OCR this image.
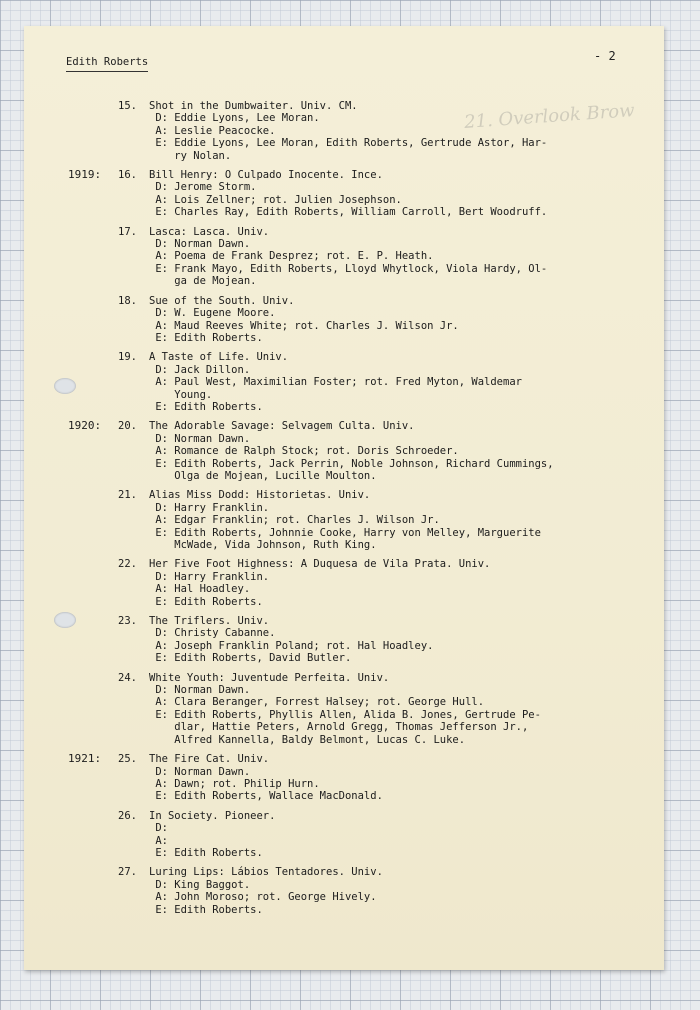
Edith Roberts	- 2
21. Overlook Brow
15. Shot in the Dumbwaiter. Univ. CM.
D: Eddie Lyons, Lee Moran.
A: Leslie Peacocke.
E: Eddie Lyons, Lee Moran, Edith Roberts, Gertrude Astor, Har-
ry Nolan.
1919: 16. Bill Henry: O Culpado Inocente. Ince.
D: Jerome Storm.
A: Lois Zellner; rot. Julien Josephson.
E: Charles Ray, Edith Roberts, William Carroll, Bert Woodruff.
17. Lasca: Lasca. Univ.
D: Norman Dawn.
A: Poema de Frank Desprez; rot. E. P. Heath.
E: Frank Mayo, Edith Roberts, Lloyd Whytlock, Viola Hardy, Ol-
ga de Mojean.
18. Sue of the South. Univ.
D: W. Eugene Moore.
A: Maud Reeves White; rot. Charles J. Wilson Jr.
E: Edith Roberts.
19. A Taste of Life. Univ.
D: Jack Dillon.
A: Paul West, Maximilian Foster; rot. Fred Myton, Waldemar
Young.
E: Edith Roberts.
1920: 20. The Adorable Savage: Selvagem Culta. Univ.
D: Norman Dawn.
A: Romance de Ralph Stock; rot. Doris Schroeder.
E: Edith Roberts, Jack Perrin, Noble Johnson, Richard Cummings,
Olga de Mojean, Lucille Moulton.
21. Alias Miss Dodd: Historietas. Univ.
D: Harry Franklin.
A: Edgar Franklin; rot. Charles J. Wilson Jr.
E: Edith Roberts, Johnnie Cooke, Harry von Melley, Marguerite
McWade, Vida Johnson, Ruth King.
22. Her Five Foot Highness: A Duquesa de Vila Prata. Univ.
D: Harry Franklin.
A: Hal Hoadley.
E: Edith Roberts.
23. The Triflers. Univ.
D: Christy Cabanne.
A: Joseph Franklin Poland; rot. Hal Hoadley.
E: Edith Roberts, David Butler.
24. White Youth: Juventude Perfeita. Univ.
D: Norman Dawn.
A: Clara Beranger, Forrest Halsey; rot. George Hull.
E: Edith Roberts, Phyllis Allen, Alida B. Jones, Gertrude Pe-
dlar, Hattie Peters, Arnold Gregg, Thomas Jefferson Jr.,
Alfred Kannella, Baldy Belmont, Lucas C. Luke.
1921: 25. The Fire Cat. Univ.
D: Norman Dawn.
A: Dawn; rot. Philip Hurn.
E: Edith Roberts, Wallace MacDonald.
26. In Society. Pioneer.
D:
A:
E: Edith Roberts.
27. Luring Lips: Lábios Tentadores. Univ.
D: King Baggot.
A: John Moroso; rot. George Hively.
E: Edith Roberts.
